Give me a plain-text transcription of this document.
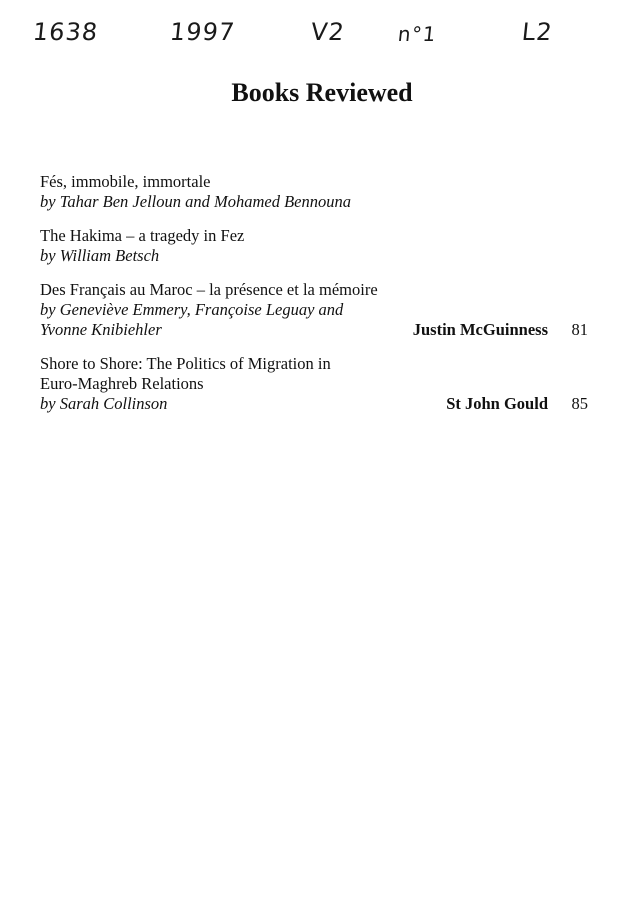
1638	1997	V2	n°1	L2
Books Reviewed
Fés, immobile, immortale
by Tahar Ben Jelloun and Mohamed Bennouna
The Hakima – a tragedy in Fez
by William Betsch
Des Français au Maroc – la présence et la mémoire
by Geneviève Emmery, Françoise Leguay and
Yvonne Knibiehler	Justin McGuinness	81
Shore to Shore: The Politics of Migration in
Euro-Maghreb Relations
by Sarah Collinson	St John Gould	85
